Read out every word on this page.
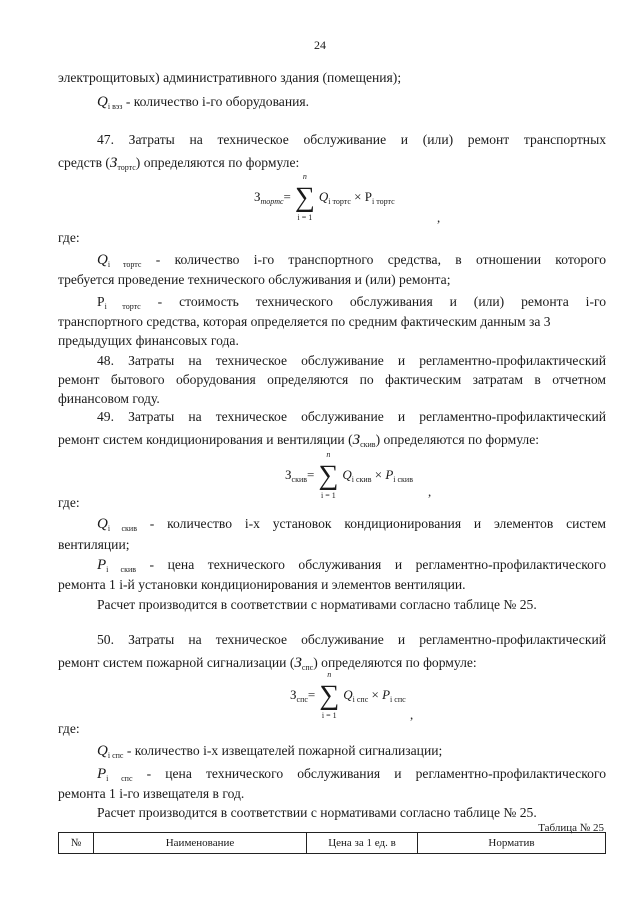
24
электрощитовых) административного здания (помещения);
$Q_{i вэз}$ - количество i-го оборудования.
47. Затраты на техническое обслуживание и (или) ремонт транспортных
средств $(З_{тортс})$ определяются по формуле:
$З_{тортс}=$
n
∑
i = 1
$Q_{i тортс} \times P_{i тортс}$
,
где:
$Q_{i тортс}$ - количество i-го транспортного средства, в отношении которого
требуется проведение технического обслуживания и (или) ремонта;
$P_{i тортс}$ - стоимость технического обслуживания и (или) ремонта i-го
транспортного средства, которая определяется по средним фактическим данным за 3
предыдущих финансовых года.
48. Затраты на техническое обслуживание и регламентно-профилактический
ремонт бытового оборудования определяются по фактическим затратам в отчетном
финансовом году.
49. Затраты на техническое обслуживание и регламентно-профилактический
ремонт систем кондиционирования и вентиляции $(З_{скив})$ определяются по формуле:
$З_{скив}=$
n
∑
i = 1
$Q_{i скив} \times P_{i скив}$
,
где:
$Q_{i скив}$ - количество i-х установок кондиционирования и элементов систем
вентиляции;
$P_{i скив}$ - цена технического обслуживания и регламентно-профилактического
ремонта 1 i-й установки кондиционирования и элементов вентиляции.
Расчет производится в соответствии с нормативами согласно таблице № 25.
50. Затраты на техническое обслуживание и регламентно-профилактический
ремонт систем пожарной сигнализации $(З_{спс})$ определяются по формуле:
$З_{спс}=$
n
∑
i = 1
$Q_{i спс} \times P_{i спс}$
,
где:
$Q_{i спс}$ - количество i-х извещателей пожарной сигнализации;
$P_{i спс}$ - цена технического обслуживания и регламентно-профилактического
ремонта 1 i-го извещателя в год.
Расчет производится в соответствии с нормативами согласно таблице № 25.
Таблица № 25
№	Наименование	Цена за 1 ед. в	Норматив
